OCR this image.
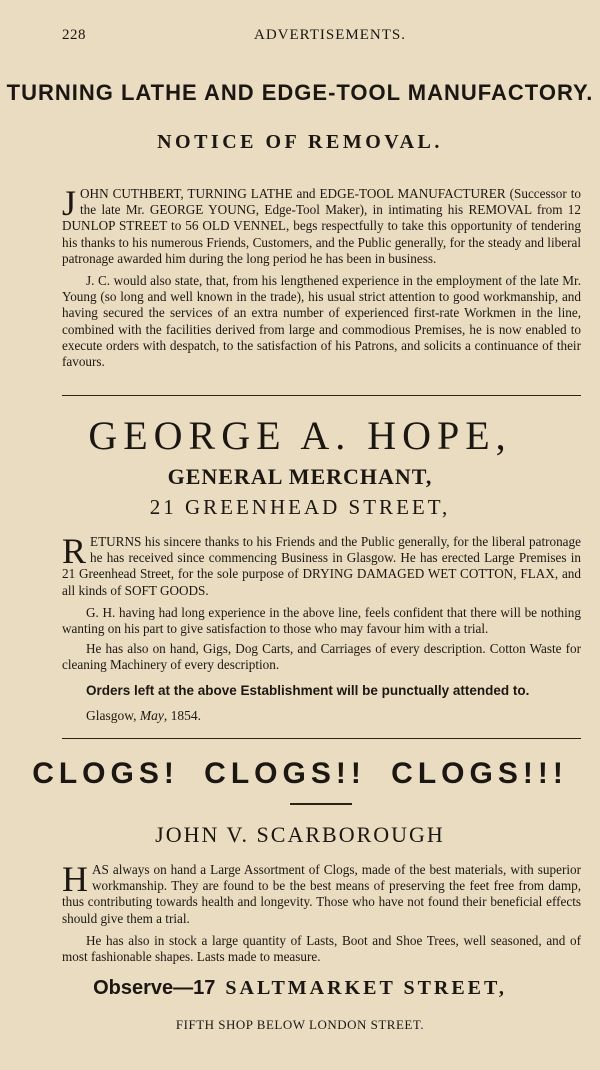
228	ADVERTISEMENTS.
TURNING LATHE AND EDGE-TOOL MANUFACTORY.
NOTICE OF REMOVAL.
J OHN CUTHBERT, TURNING LATHE and EDGE-TOOL MANUFACTURER (Successor to the late Mr. GEORGE YOUNG, Edge-Tool Maker), in intimating his REMOVAL from 12 DUNLOP STREET to 56 OLD VENNEL, begs respectfully to take this opportunity of tendering his thanks to his numerous Friends, Customers, and the Public generally, for the steady and liberal patronage awarded him during the long period he has been in business.

J. C. would also state, that, from his lengthened experience in the employment of the late Mr. Young (so long and well known in the trade), his usual strict attention to good workmanship, and having secured the services of an extra number of experienced first-rate Workmen in the line, combined with the facilities derived from large and commodious Premises, he is now enabled to execute orders with despatch, to the satisfaction of his Patrons, and solicits a continuance of their favours.

GEORGE A. HOPE,
GENERAL MERCHANT,
21 GREENHEAD STREET,
R ETURNS his sincere thanks to his Friends and the Public generally, for the liberal patronage he has received since commencing Business in Glasgow. He has erected Large Premises in 21 Greenhead Street, for the sole purpose of DRYING DAMAGED WET COTTON, FLAX, and all kinds of SOFT GOODS.

G. H. having had long experience in the above line, feels confident that there will be nothing wanting on his part to give satisfaction to those who may favour him with a trial.

He has also on hand, Gigs, Dog Carts, and Carriages of every description. Cotton Waste for cleaning Machinery of every description.

Orders left at the above Establishment will be punctually attended to.
Glasgow, May, 1854.
CLOGS! CLOGS!! CLOGS!!!
JOHN V. SCARBOROUGH
H AS always on hand a Large Assortment of Clogs, made of the best materials, with superior workmanship. They are found to be the best means of preserving the feet free from damp, thus contributing towards health and longevity. Those who have not found their beneficial effects should give them a trial.

He has also in stock a large quantity of Lasts, Boot and Shoe Trees, well seasoned, and of most fashionable shapes. Lasts made to measure.

Observe—17 SALTMARKET STREET,
FIFTH SHOP BELOW LONDON STREET.
